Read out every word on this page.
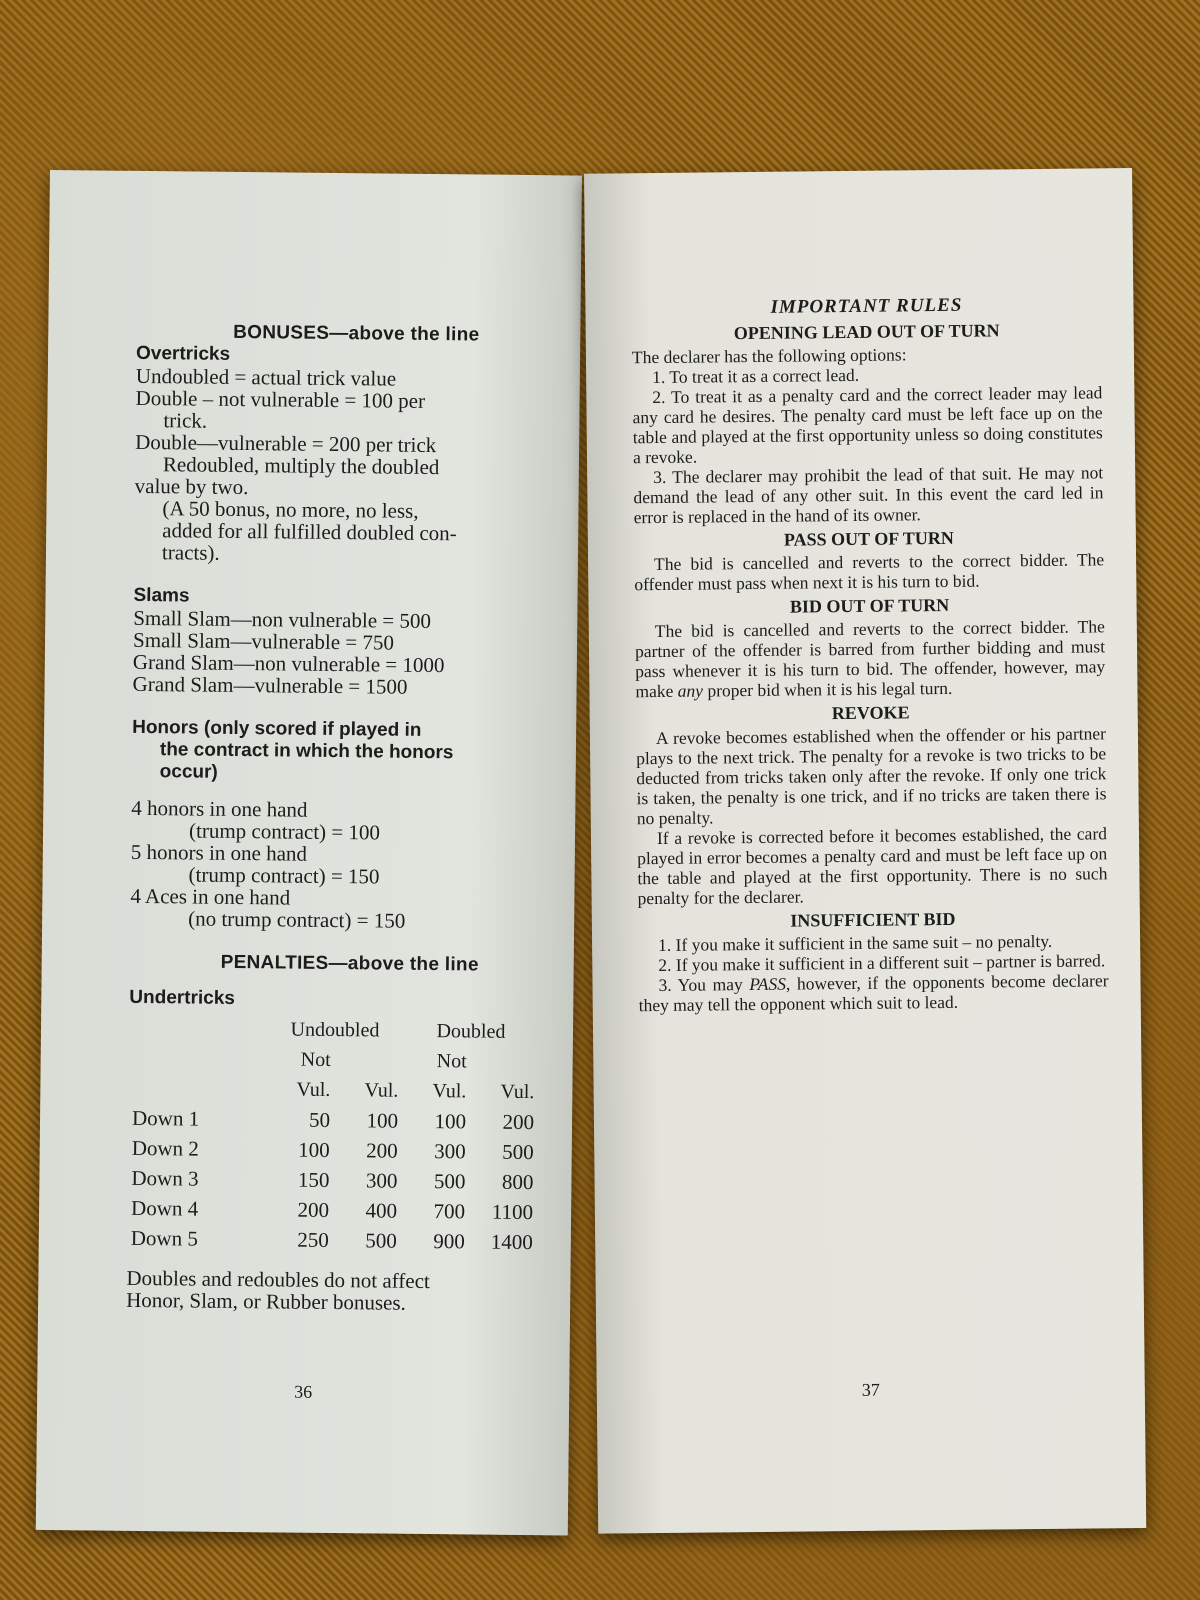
BONUSES—above the line
Overtricks

Undoubled = actual trick value

Double – not vulnerable = 100 per

trick.

Double—vulnerable = 200 per trick

Redoubled, multiply the doubled

value by two.

(A 50 bonus, no more, no less,

added for all fulfilled doubled con-

tracts).

Slams

Small Slam—non vulnerable = 500

Small Slam—vulnerable = 750

Grand Slam—non vulnerable = 1000

Grand Slam—vulnerable = 1500

Honors (only scored if played in
the contract in which the honors
occur)

4 honors in one hand

(trump contract) = 100

5 honors in one hand

(trump contract) = 150

4 Aces in one hand

(no trump contract) = 150

PENALTIES—above the line
Undertricks
	Undoubled		Doubled	
	Not		Not	
	Vul.	Vul.	Vul.	Vul.
Down 1	50	100	100	200
Down 2	100	200	300	500
Down 3	150	300	500	800
Down 4	200	400	700	1100
Down 5	250	500	900	1400

Doubles and redoubles do not affect

Honor, Slam, or Rubber bonuses.

36

IMPORTANT RULES

OPENING LEAD OUT OF TURN

The declarer has the following options:

1. To treat it as a correct lead.

2. To treat it as a penalty card and the correct leader may lead any card he desires. The penalty card must be left face up on the table and played at the first opportunity unless so doing constitutes a revoke.

3. The declarer may prohibit the lead of that suit. He may not demand the lead of any other suit. In this event the card led in error is replaced in the hand of its owner.

PASS OUT OF TURN

The bid is cancelled and reverts to the correct bidder. The offender must pass when next it is his turn to bid.

BID OUT OF TURN

The bid is cancelled and reverts to the correct bidder. The partner of the offender is barred from further bidding and must pass whenever it is his turn to bid. The offender, however, may make any proper bid when it is his legal turn.

REVOKE

A revoke becomes established when the offender or his partner plays to the next trick. The penalty for a revoke is two tricks to be deducted from tricks taken only after the revoke. If only one trick is taken, the penalty is one trick, and if no tricks are taken there is no penalty.

If a revoke is corrected before it becomes established, the card played in error becomes a penalty card and must be left face up on the table and played at the first opportunity. There is no such penalty for the declarer.

INSUFFICIENT BID

1. If you make it sufficient in the same suit – no penalty.

2. If you make it sufficient in a different suit – partner is barred.

3. You may PASS, however, if the opponents become declarer they may tell the opponent which suit to lead.

37
